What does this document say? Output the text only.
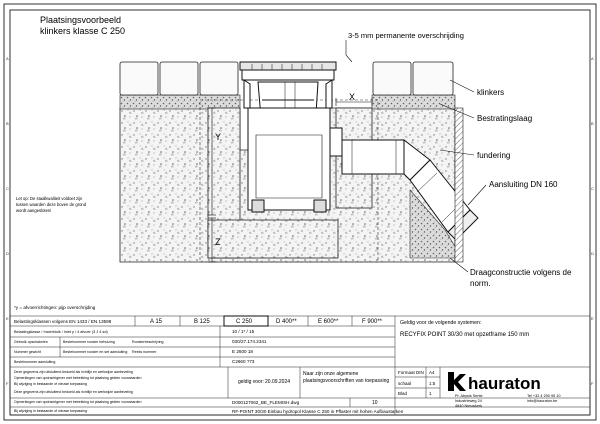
A
B
C
D
E
F
A
B
C
D
E
F
Plaatsingsvoorbeeld
klinkers klasse C 250
X
Y
Z
3-5 mm permanente overschrijding
klinkers
Bestratingslaag
fundering
Aansluiting DN 160
Draagconstructie volgens de
norm.
Let op: De staalkwaliteit voldoet zijn
tussen waarden deze boven de grond
wordt aangesloten!
*y = afvoerrichtingen: pijp overschrijding
Belastingsklassen volgens EN 1433 / EN 13598	A 15	B 125	C 250	D 400**	E 600**	F 900**
Belastingklasse / Inwerktuik / Inlet y / 4 afvoer (3 J 4 sd)	10 / 1* / 15
Gebruik opschakelen	Bestelnummer rooster behuizing	030/27.174.2341
Nummer gewicht	Bestelnummer rooster en set aansluiting	E 2600 18
Bestelnummer aansluiting	C2660 ?73
Roosterbeschrijving
Reeks nummer
Deze gegevens zijn uitsluitend bedoeld als richtlijn en werkwijze aanbeveling
Opmerkingen van opdrachtgever met betrekking tot plaatsing gelden voorwaarden
Bij wijziging in bestaande of nieuwe toepassing
Deze gegevens zijn uitsluitend bedoeld als richtlijn en werkwijze aanbeveling
Opmerkingen van opdrachtgever met betrekking tot plaatsing gelden voorwaarden
Bij wijziging in bestaande of nieuwe toepassing
geldig voor: 20.09.2024
Naar zijn onze algemene
plaatsingsvoorschriften van toepassing
Geldig voor de volgende systemen:
RECYFIX POINT 30/30 met opzetframe 150 mm
Formaat DIN A4
schaal	1:5
Blad	1
10
D000127062_BE_FLEMISH.dwg
RF-POINT 30/30 Einbau hydropol Klasse C 250 in Pflaster mit hohen Aufbaustarken
hauraton
Pr. Abysis Sente
Industrieweg 24
4840 Nieuwkerk
Tel +32 4 290 95 10
info@hauraton.be
